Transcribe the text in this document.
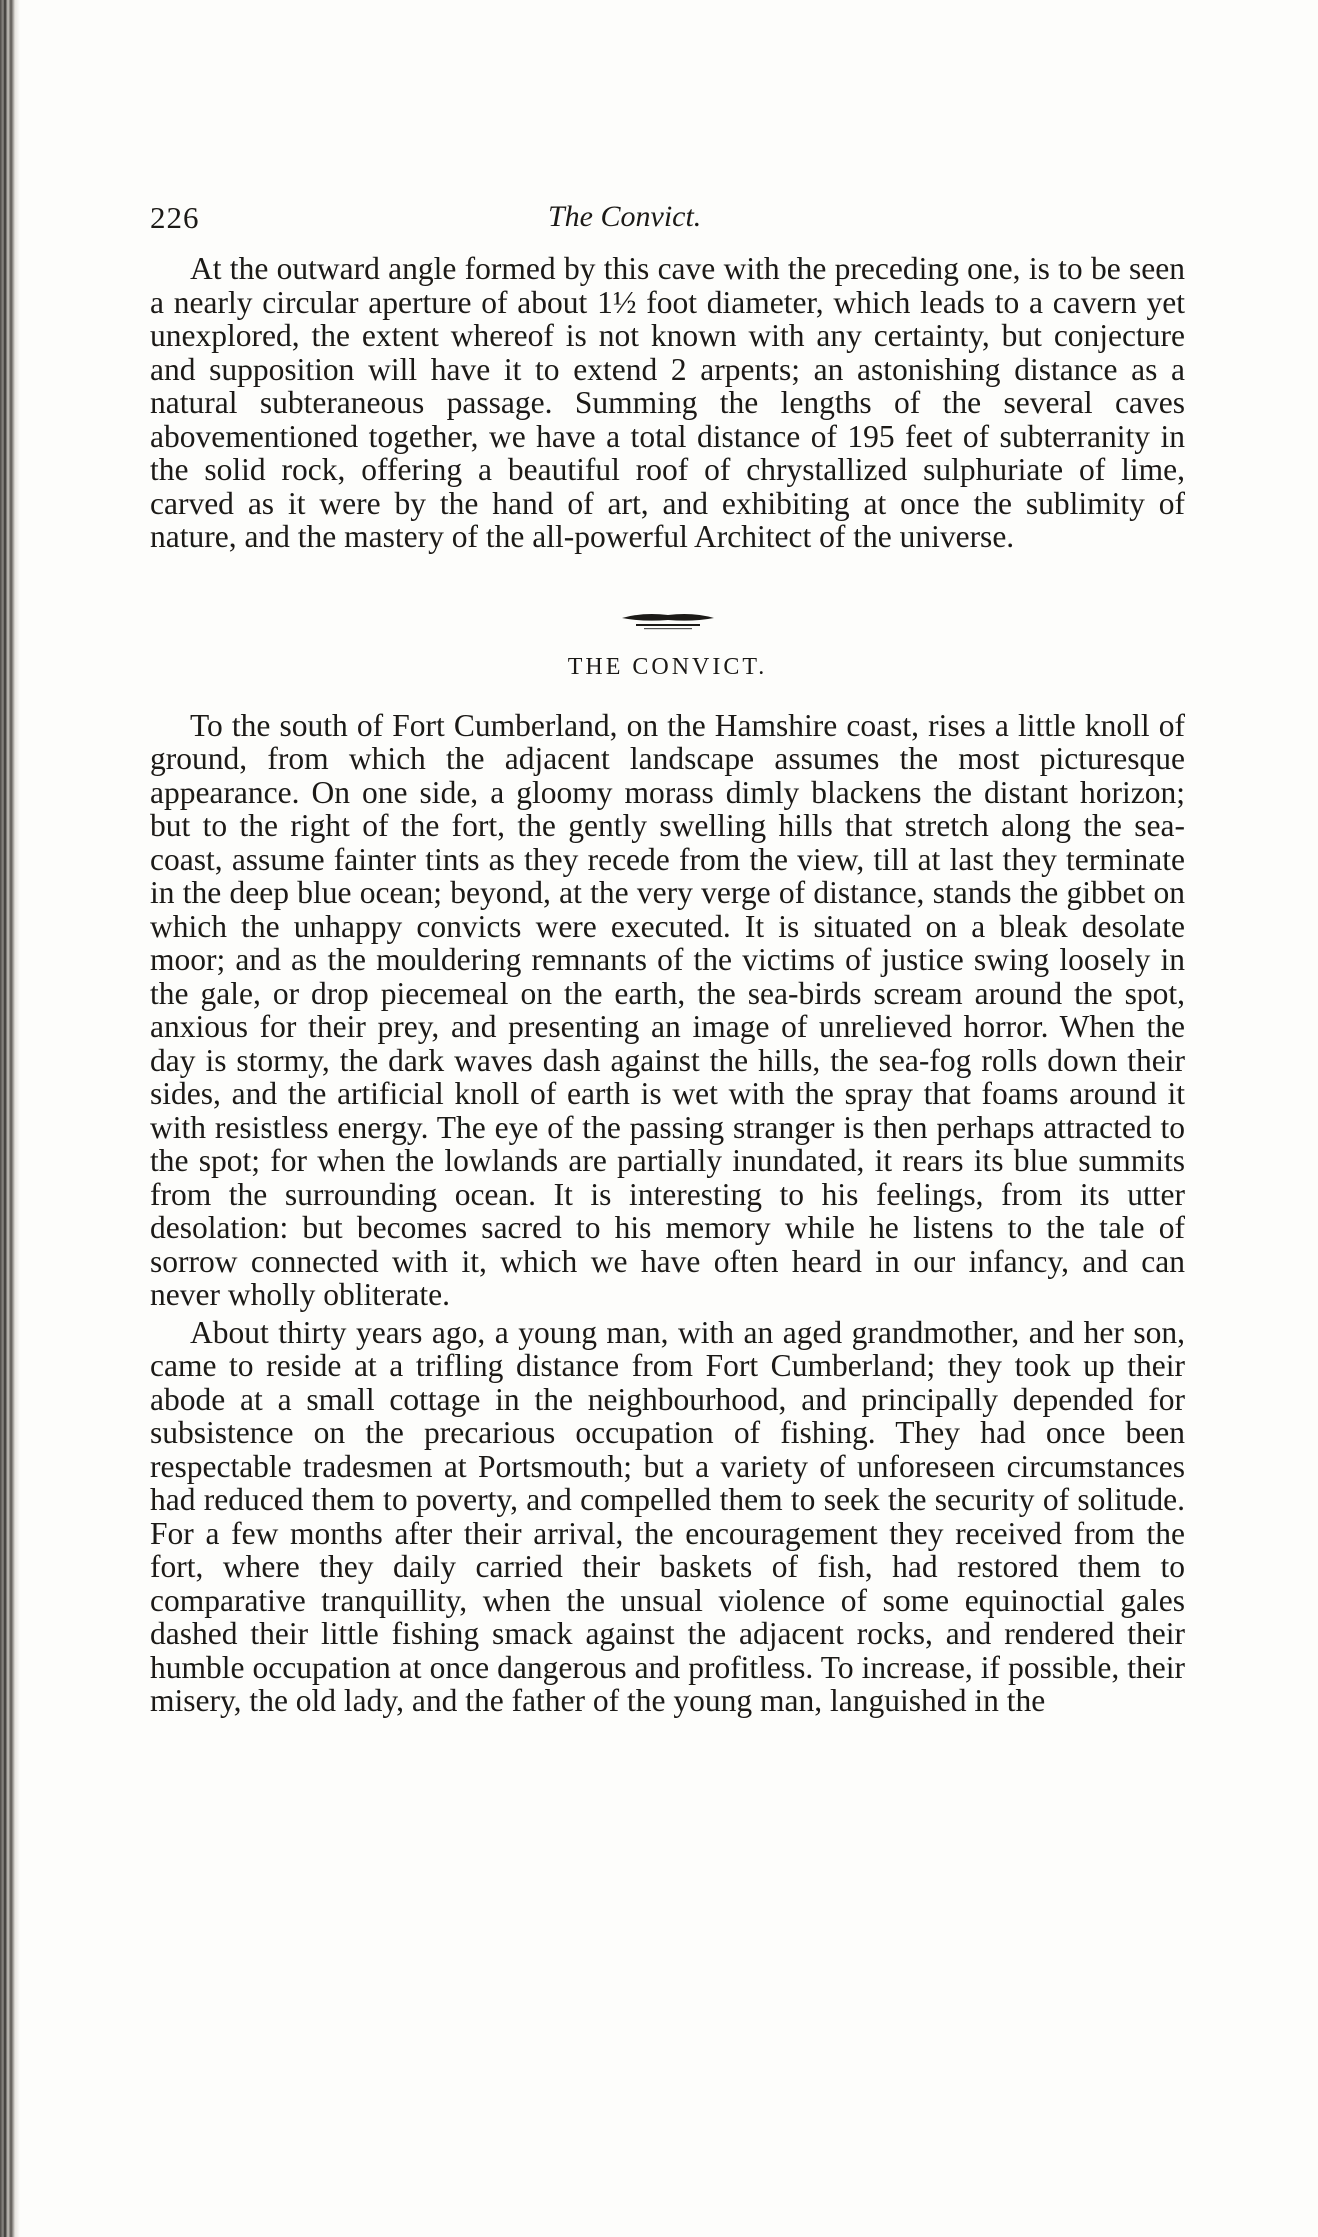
226	The Convict.

At the outward angle formed by this cave with the preceding one, is to be seen a nearly circular aperture of about 1½ foot diameter, which leads to a cavern yet unexplored, the extent whereof is not known with any certainty, but conjecture and supposition will have it to extend 2 arpents; an astonishing distance as a natural subteraneous passage. Summing the lengths of the several caves abovementioned together, we have a total distance of 195 feet of subterranity in the solid rock, offering a beautiful roof of chrystallized sulphuriate of lime, carved as it were by the hand of art, and exhibiting at once the sublimity of nature, and the mastery of the all-powerful Architect of the universe.

THE CONVICT.

To the south of Fort Cumberland, on the Hamshire coast, rises a little knoll of ground, from which the adjacent landscape assumes the most picturesque appearance. On one side, a gloomy morass dimly blackens the distant horizon; but to the right of the fort, the gently swelling hills that stretch along the sea-coast, assume fainter tints as they recede from the view, till at last they terminate in the deep blue ocean; beyond, at the very verge of distance, stands the gibbet on which the unhappy convicts were executed. It is situated on a bleak desolate moor; and as the mouldering remnants of the victims of justice swing loosely in the gale, or drop piecemeal on the earth, the sea-birds scream around the spot, anxious for their prey, and presenting an image of unrelieved horror. When the day is stormy, the dark waves dash against the hills, the sea-fog rolls down their sides, and the artificial knoll of earth is wet with the spray that foams around it with resistless energy. The eye of the passing stranger is then perhaps attracted to the spot; for when the lowlands are partially inundated, it rears its blue summits from the surrounding ocean. It is interesting to his feelings, from its utter desolation: but becomes sacred to his memory while he listens to the tale of sorrow connected with it, which we have often heard in our infancy, and can never wholly obliterate.

About thirty years ago, a young man, with an aged grandmother, and her son, came to reside at a trifling distance from Fort Cumberland; they took up their abode at a small cottage in the neighbourhood, and principally depended for subsistence on the precarious occupation of fishing. They had once been respectable tradesmen at Portsmouth; but a variety of unforeseen circumstances had reduced them to poverty, and compelled them to seek the security of solitude. For a few months after their arrival, the encouragement they received from the fort, where they daily carried their baskets of fish, had restored them to comparative tranquillity, when the unsual violence of some equinoctial gales dashed their little fishing smack against the adjacent rocks, and rendered their humble occupation at once dangerous and profitless. To increase, if possible, their misery, the old lady, and the father of the young man, languished in the
